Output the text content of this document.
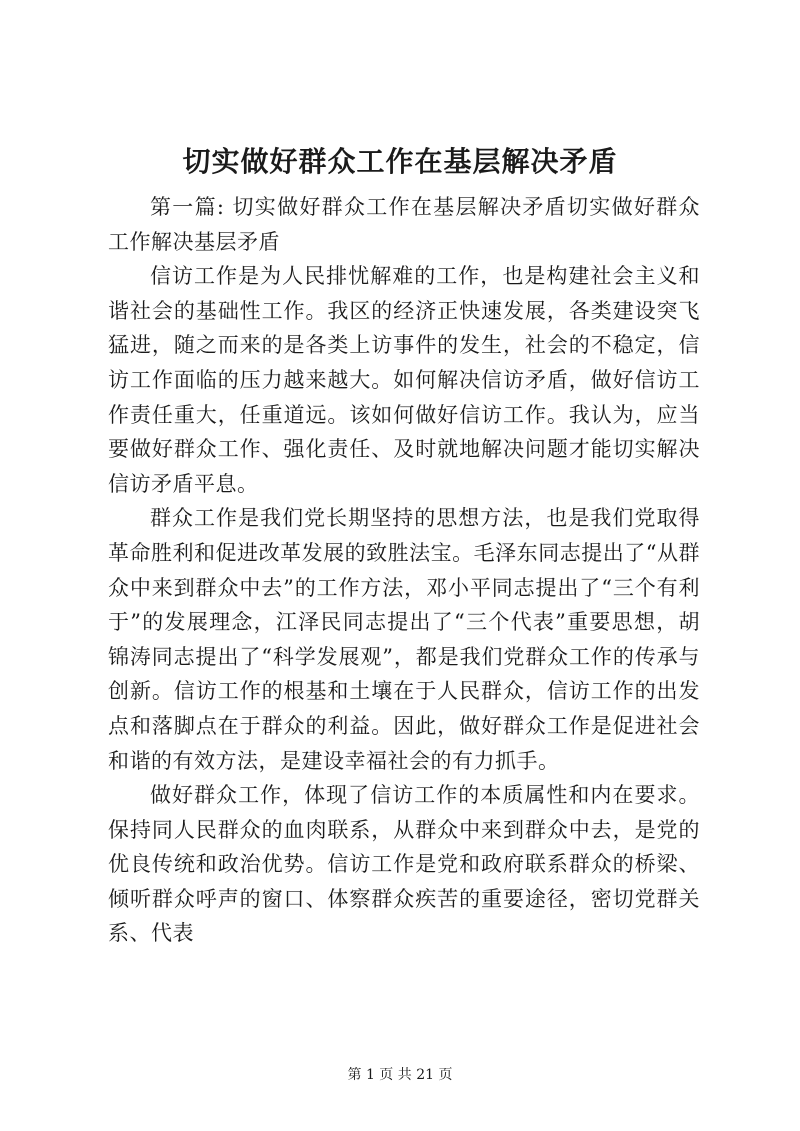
切实做好群众工作在基层解决矛盾

第一篇: 切实做好群众工作在基层解决矛盾切实做好群众工作解决基层矛盾

信访工作是为人民排忧解难的工作，也是构建社会主义和谐社会的基础性工作。我区的经济正快速发展，各类建设突飞猛进，随之而来的是各类上访事件的发生，社会的不稳定，信访工作面临的压力越来越大。如何解决信访矛盾，做好信访工作责任重大，任重道远。该如何做好信访工作。我认为，应当要做好群众工作、强化责任、及时就地解决问题才能切实解决信访矛盾平息。

群众工作是我们党长期坚持的思想方法，也是我们党取得革命胜利和促进改革发展的致胜法宝。毛泽东同志提出了“从群众中来到群众中去”的工作方法，邓小平同志提出了“三个有利于”的发展理念，江泽民同志提出了“三个代表”重要思想，胡锦涛同志提出了“科学发展观”，都是我们党群众工作的传承与创新。信访工作的根基和土壤在于人民群众，信访工作的出发点和落脚点在于群众的利益。因此，做好群众工作是促进社会和谐的有效方法，是建设幸福社会的有力抓手。

做好群众工作，体现了信访工作的本质属性和内在要求。保持同人民群众的血肉联系，从群众中来到群众中去，是党的优良传统和政治优势。信访工作是党和政府联系群众的桥梁、倾听群众呼声的窗口、体察群众疾苦的重要途径，密切党群关系、代表

第 1 页 共 21 页
